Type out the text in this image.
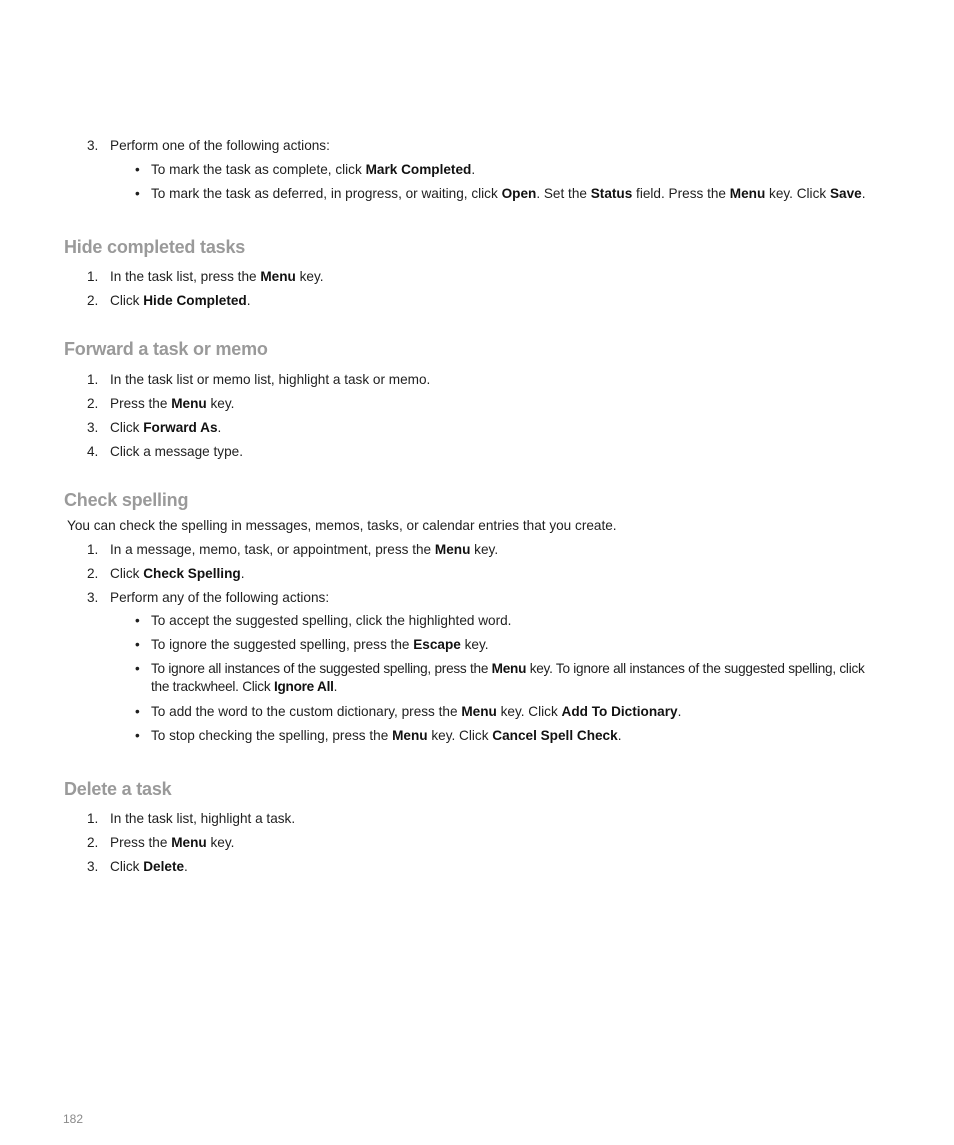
3. Perform one of the following actions:
• To mark the task as complete, click Mark Completed.
• To mark the task as deferred, in progress, or waiting, click Open. Set the Status field. Press the Menu key. Click Save.
Hide completed tasks
1. In the task list, press the Menu key.
2. Click Hide Completed.
Forward a task or memo
1. In the task list or memo list, highlight a task or memo.
2. Press the Menu key.
3. Click Forward As.
4. Click a message type.
Check spelling
You can check the spelling in messages, memos, tasks, or calendar entries that you create.
1. In a message, memo, task, or appointment, press the Menu key.
2. Click Check Spelling.
3. Perform any of the following actions:
• To accept the suggested spelling, click the highlighted word.
• To ignore the suggested spelling, press the Escape key.
• To ignore all instances of the suggested spelling, press the Menu key. To ignore all instances of the suggested spelling, click
the trackwheel. Click Ignore All.
• To add the word to the custom dictionary, press the Menu key. Click Add To Dictionary.
• To stop checking the spelling, press the Menu key. Click Cancel Spell Check.
Delete a task
1. In the task list, highlight a task.
2. Press the Menu key.
3. Click Delete.
182
